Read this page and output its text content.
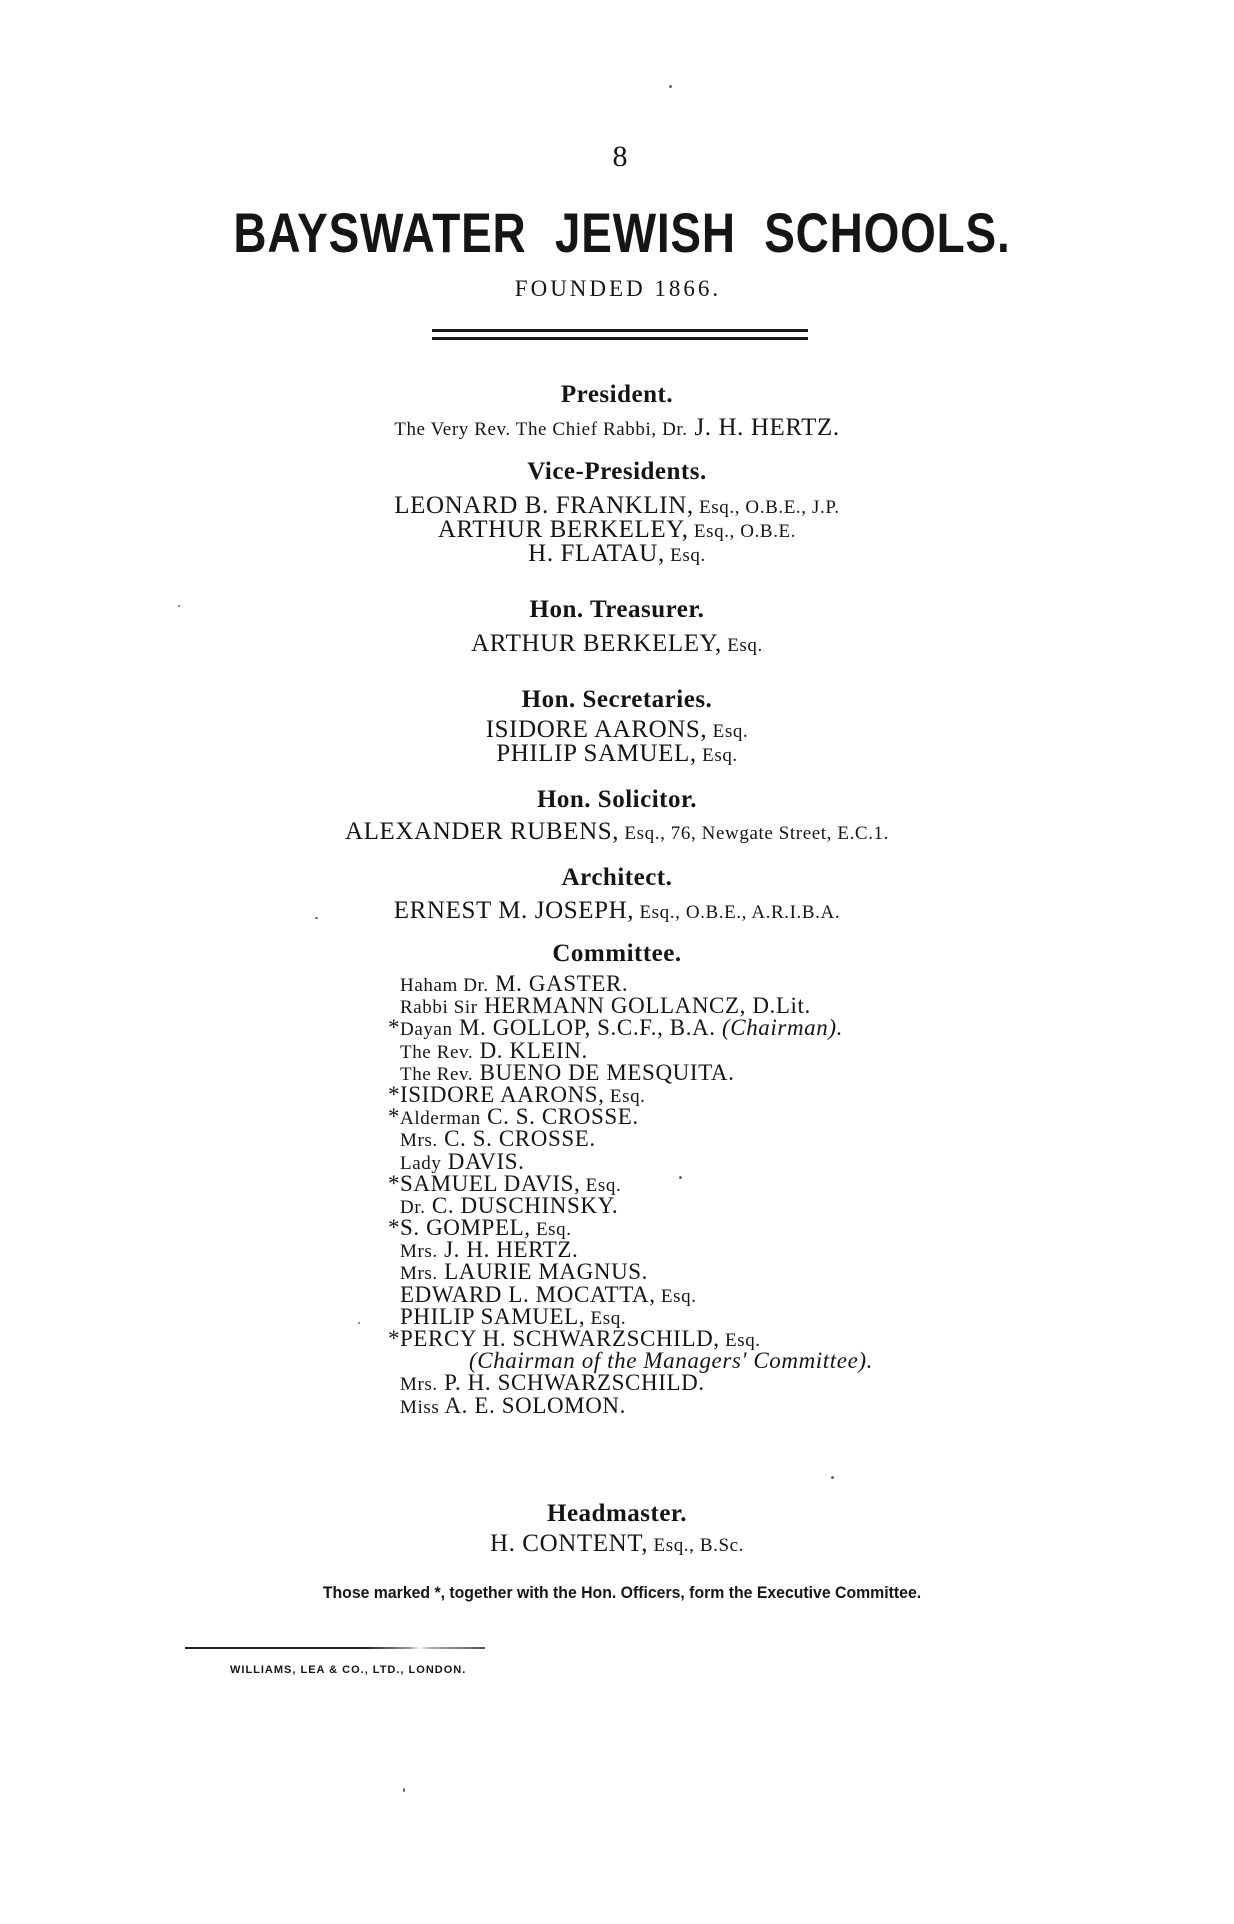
8
BAYSWATER JEWISH SCHOOLS.
FOUNDED 1866.
President.
The Very Rev. The Chief Rabbi, Dr. J. H. HERTZ.
Vice-Presidents.
LEONARD B. FRANKLIN, Esq., O.B.E., J.P.
ARTHUR BERKELEY, Esq., O.B.E.
H. FLATAU, Esq.
Hon. Treasurer.
ARTHUR BERKELEY, Esq.
Hon. Secretaries.
ISIDORE AARONS, Esq.
PHILIP SAMUEL, Esq.
Hon. Solicitor.
ALEXANDER RUBENS, Esq., 76, Newgate Street, E.C.1.
Architect.
ERNEST M. JOSEPH, Esq., O.B.E., A.R.I.B.A.
Committee.
Haham Dr. M. GASTER.
Rabbi Sir HERMANN GOLLANCZ, D.Lit.
*Dayan M. GOLLOP, S.C.F., B.A. (Chairman).
The Rev. D. KLEIN.
The Rev. BUENO DE MESQUITA.
*ISIDORE AARONS, Esq.
*Alderman C. S. CROSSE.
Mrs. C. S. CROSSE.
Lady DAVIS.
*SAMUEL DAVIS, Esq.
Dr. C. DUSCHINSKY.
*S. GOMPEL, Esq.
Mrs. J. H. HERTZ.
Mrs. LAURIE MAGNUS.
EDWARD L. MOCATTA, Esq.
PHILIP SAMUEL, Esq.
*PERCY H. SCHWARZSCHILD, Esq.
(Chairman of the Managers' Committee).
Mrs. P. H. SCHWARZSCHILD.
Miss A. E. SOLOMON.
Headmaster.
H. CONTENT, Esq., B.Sc.
Those marked *, together with the Hon. Officers, form the Executive Committee.
WILLIAMS, LEA & CO., LTD., LONDON.
